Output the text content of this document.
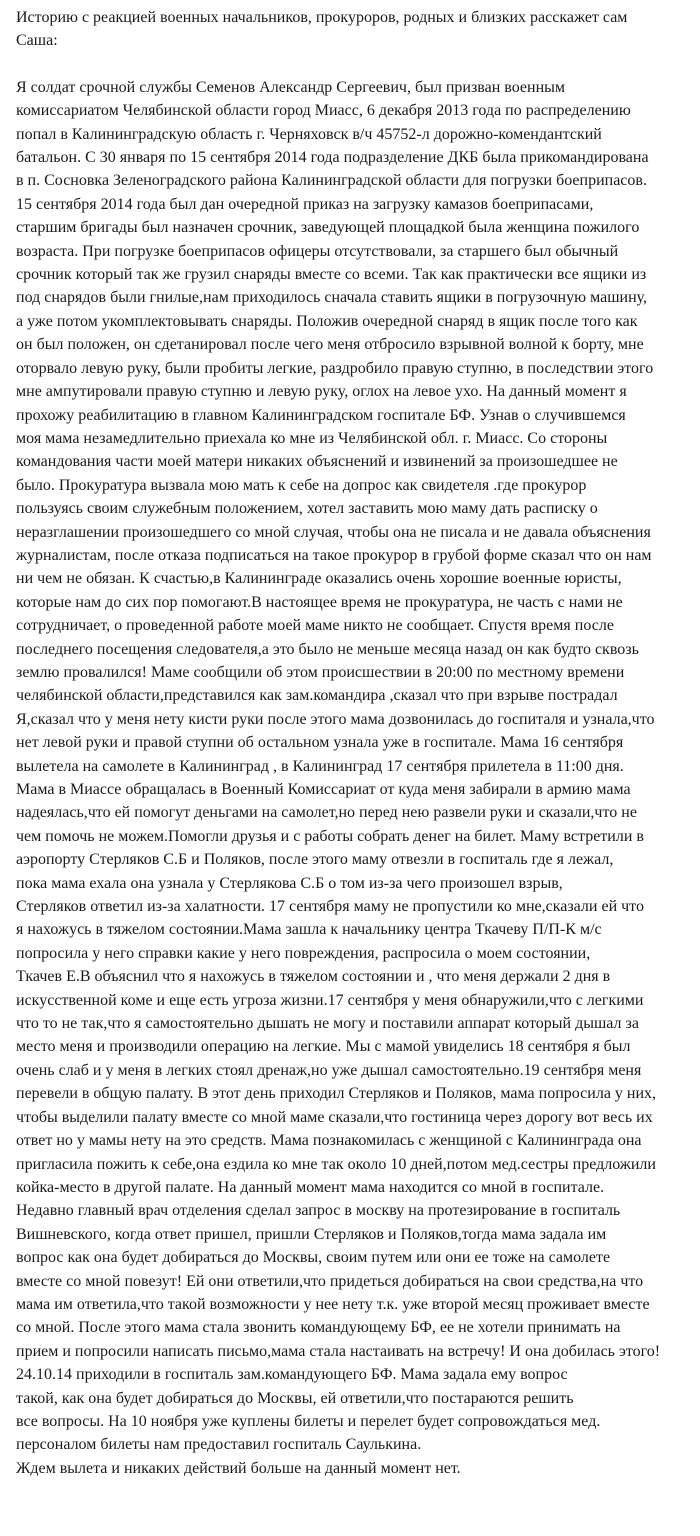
Историю с реакцией военных начальников, прокуроров, родных и близких расскажет сам
Саша:

Я солдат срочной службы Семенов Александр Сергеевич, был призван военным
комиссариатом Челябинской области город Миасс, 6 декабря 2013 года по распределению
попал в Калининградскую область г. Черняховск в/ч 45752-л дорожно-комендантский
батальон. С 30 января по 15 сентября 2014 года подразделение ДКБ была прикомандирована
в п. Сосновка Зеленоградского района Калининградской области для погрузки боеприпасов.
15 сентября 2014 года был дан очередной приказ на загрузку камазов боеприпасами,
старшим бригады был назначен срочник, заведующей площадкой была женщина пожилого
возраста. При погрузке боеприпасов офицеры отсутствовали, за старшего был обычный
срочник который так же грузил снаряды вместе со всеми. Так как практически все ящики из
под снарядов были гнилые,нам приходилось сначала ставить ящики в погрузочную машину,
а уже потом укомплектовывать снаряды. Положив очередной снаряд в ящик после того как
он был положен, он сдетанировал после чего меня отбросило взрывной волной к борту, мне
оторвало левую руку, были пробиты легкие, раздробило правую ступню, в последствии этого
мне ампутировали правую ступню и левую руку, оглох на левое ухо. На данный момент я
прохожу реабилитацию в главном Калининградском госпитале БФ. Узнав о случившемся
моя мама незамедлительно приехала ко мне из Челябинской обл. г. Миасс. Со стороны
командования части моей матери никаких объяснений и извинений за произошедшее не
было. Прокуратура вызвала мою мать к себе на допрос как свидетеля .где прокурор
пользуясь своим служебным положением, хотел заставить мою маму дать расписку о
неразглашении произошедшего со мной случая, чтобы она не писала и не давала объяснения
журналистам, после отказа подписаться на такое прокурор в грубой форме сказал что он нам
ни чем не обязан. К счастью,в Калининграде оказались очень хорошие военные юристы,
которые нам до сих пор помогают.В настоящее время не прокуратура, не часть с нами не
сотрудничает, о проведенной работе моей маме никто не сообщает. Спустя время после
последнего посещения следователя,а это было не меньше месяца назад он как будто сквозь
землю провалился! Маме сообщили об этом происшествии в 20:00 по местному времени
челябинской области,представился как зам.командира ,сказал что при взрыве пострадал
Я,сказал что у меня нету кисти руки после этого мама дозвонилась до госпиталя и узнала,что
нет левой руки и правой ступни об остальном узнала уже в госпитале. Мама 16 сентября
вылетела на самолете в Калининград , в Калининград 17 сентября прилетела в 11:00 дня.
Мама в Миассе обращалась в Военный Комиссариат от куда меня забирали в армию мама
надеялась,что ей помогут деньгами на самолет,но перед нею развели руки и сказали,что не
чем помочь не можем.Помогли друзья и с работы собрать денег на билет. Маму встретили в
аэропорту Стерляков С.Б и Поляков, после этого маму отвезли в госпиталь где я лежал,
пока мама ехала она узнала у Стерлякова С.Б о том из-за чего произошел взрыв,
Стерляков ответил из-за халатности. 17 сентября маму не пропустили ко мне,сказали ей что
я нахожусь в тяжелом состоянии.Мама зашла к начальнику центра Ткачеву П/П-К м/с
попросила у него справки какие у него повреждения, распросила о моем состоянии,
Ткачев Е.В объяснил что я нахожусь в тяжелом состоянии и , что меня держали 2 дня в
искусственной коме и еще есть угроза жизни.17 сентября у меня обнаружили,что с легкими
что то не так,что я самостоятельно дышать не могу и поставили аппарат который дышал за
место меня и производили операцию на легкие. Мы с мамой увиделись 18 сентября я был
очень слаб и у меня в легких стоял дренаж,но уже дышал самостоятельно.19 сентября меня
перевели в общую палату. В этот день приходил Стерляков и Поляков, мама попросила у них,
чтобы выделили палату вместе со мной маме сказали,что гостиница через дорогу вот весь их
ответ но у мамы нету на это средств. Мама познакомилась с женщиной с Калининграда она
пригласила пожить к себе,она ездила ко мне так около 10 дней,потом мед.сестры предложили
койка-место в другой палате. На данный момент мама находится со мной в госпитале.
Недавно главный врач отделения сделал запрос в москву на протезирование в госпиталь
Вишневского, когда ответ пришел, пришли Стерляков и Поляков,тогда мама задала им
вопрос как она будет добираться до Москвы, своим путем или они ее тоже на самолете
вместе со мной повезут! Ей они ответили,что придеться добираться на свои средства,на что
мама им ответила,что такой возможности у нее нету т.к. уже второй месяц проживает вместе
со мной. После этого мама стала звонить командующему БФ, ее не хотели принимать на
прием и попросили написать письмо,мама стала настаивать на встречу! И она добилась этого!
24.10.14 приходили в госпиталь зам.командующего БФ. Мама задала ему вопрос
такой, как она будет добираться до Москвы, ей ответили,что постараются решить
все вопросы. На 10 ноября уже куплены билеты и перелет будет сопровождаться мед.
персоналом билеты нам предоставил госпиталь Саулькина.
Ждем вылета и никаких действий больше на данный момент нет.
